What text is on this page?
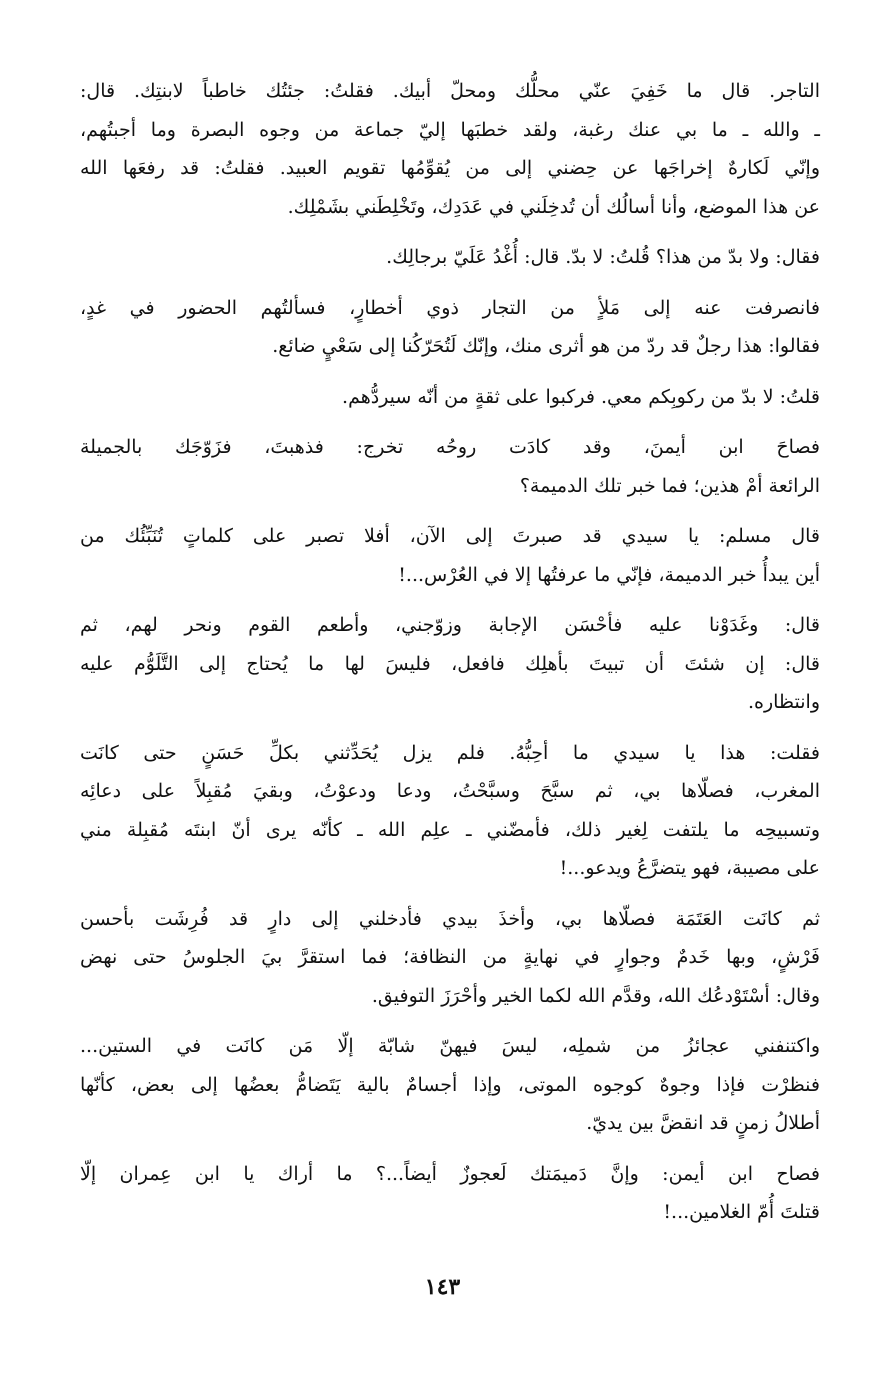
التاجر. قال ما خَفِيَ عنّي محلُّك ومحلّ أبيك. فقلتُ: جئتُك خاطباً لابنتِك. قال:
ـ والله ـ ما بي عنك رغبة، ولقد خطبَها إليّ جماعة من وجوه البصرة وما أجبتُهم،
وإنّي لَكارهٌ إخراجَها عن حِضني إلى من يُقوِّمُها تقويم العبيد. فقلتُ: قد رفعَها الله
عن هذا الموضع، وأنا أسالُك أن تُدخِلَني في عَدَدِك، وتَخْلِطَني بشَمْلِك.
فقال: ولا بدّ من هذا؟ قُلتُ: لا بدّ. قال: أُغْدُ عَلَيّ برجالِك.
فانصرفت عنه إلى مَلأٍ من التجار ذوي أخطارٍ، فسألتُهم الحضور في غدٍ،
فقالوا: هذا رجلٌ قد ردّ من هو أثرى منك، وإنّك لَتُحَرّكُنا إلى سَعْيٍ ضائع.
قلتُ: لا بدّ من ركوبِكم معي. فركبوا على ثقةٍ من أنّه سيردُّهم.
فصاحَ ابن أيمنَ، وقد كادَت روحُه تخرج: فذهبتَ، فزَوّجَك بالجميلة
الرائعة أمْ هذين؛ فما خبر تلك الدميمة؟
قال مسلم: يا سيدي قد صبرتَ إلى الآن، أفلا تصبر على كلماتٍ تُنَبِّئُك من
أين يبدأُ خبر الدميمة، فإنّي ما عرفتُها إلا في العُرْس...!
قال: وغَدَوْنا عليه فأحْسَن الإجابة وزوّجني، وأطعم القوم ونحر لهم، ثم
قال: إن شئتَ أن تبيتَ بأهلِك فافعل، فليسَ لها ما يُحتاج إلى التَّلَوُّم عليه
وانتظاره.
فقلت: هذا يا سيدي ما أحِبُّهُ. فلم يزل يُحَدِّثني بكلِّ حَسَنٍ حتى كانَت
المغرب، فصلّاها بي، ثم سبَّحَ وسبَّحْتُ، ودعا ودعوْتُ، وبقيَ مُقبِلاً على دعائِه
وتسبيحِه ما يلتفت لِغير ذلك، فأمضّني ـ علِم الله ـ كأنّه يرى أنّ ابنتَه مُقبِلة مني
على مصيبة، فهو يتضرَّعُ ويدعو...!
ثم كانَت العَتَمَة فصلّاها بي، وأخذَ بيدي فأدخلني إلى دارٍ قد فُرِشَت بأحسن
فَرْشٍ، وبها خَدمٌ وجوارٍ في نهايةٍ من النظافة؛ فما استقرَّ بيَ الجلوسُ حتى نهض
وقال: أسْتَوْدعُك الله، وقدَّم الله لكما الخير وأحْرَزَ التوفيق.
واكتنفني عجائزُ من شملِه، ليسَ فيهنّ شابّة إلّا مَن كانَت في الستين...
فنظرْت فإذا وجوهٌ كوجوه الموتى، وإذا أجسامٌ بالية يَتَضامُّ بعضُها إلى بعض، كأنّها
أطلالُ زمنٍ قد انقضَّ بين يديّ.
فصاح ابن أيمن: وإنَّ دَميمَتك لَعجوزٌ أيضاً...؟ ما أراك يا ابن عِمران إلّا
قتلتَ أُمّ الغلامين...!
١٤٣
